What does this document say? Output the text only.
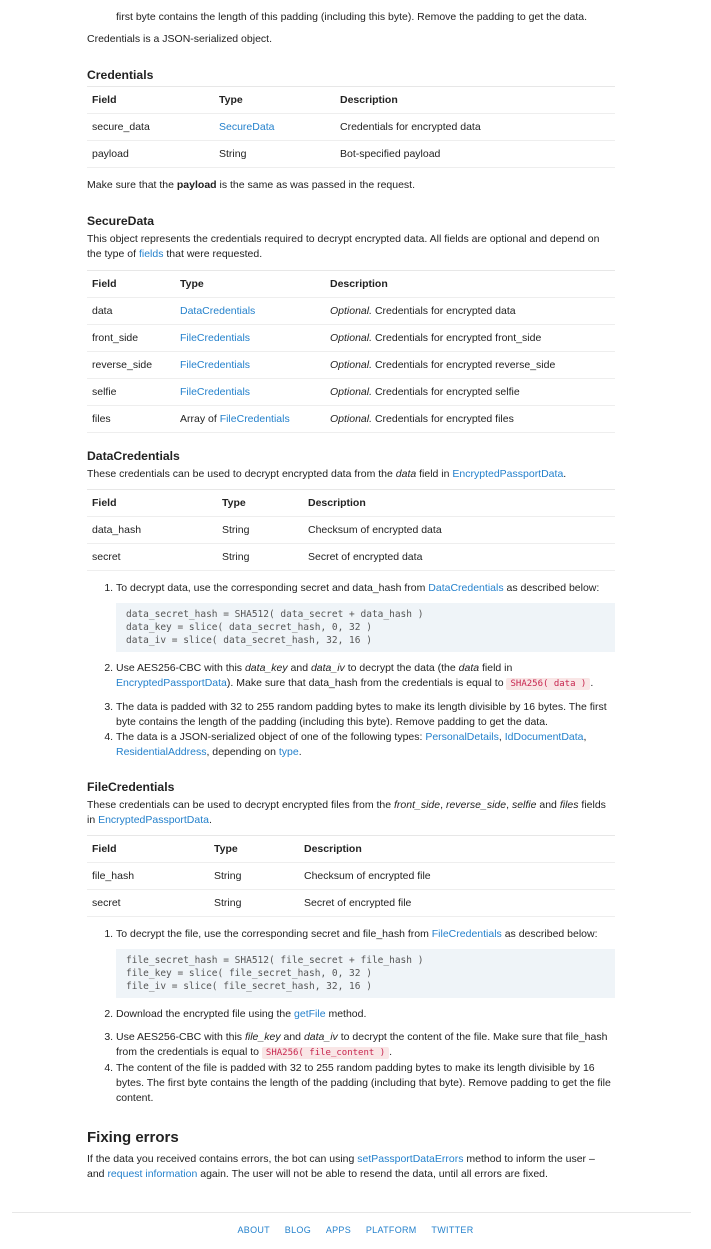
first byte contains the length of this padding (including this byte). Remove the padding to get the data.

Credentials is a JSON-serialized object.

Credentials
Field	Type	Description
secure_data	SecureData	Credentials for encrypted data
payload	String	Bot-specified payload

Make sure that the payload is the same as was passed in the request.

SecureData

This object represents the credentials required to decrypt encrypted data. All fields are optional and depend on the type of fields that were requested.

Field	Type	Description
data	DataCredentials	Optional. Credentials for encrypted data
front_side	FileCredentials	Optional. Credentials for encrypted front_side
reverse_side	FileCredentials	Optional. Credentials for encrypted reverse_side
selfie	FileCredentials	Optional. Credentials for encrypted selfie
files	Array of FileCredentials	Optional. Credentials for encrypted files
DataCredentials

These credentials can be used to decrypt encrypted data from the data field in EncryptedPassportData.

Field	Type	Description
data_hash	String	Checksum of encrypted data
secret	String	Secret of encrypted data
1. To decrypt data, use the corresponding secret and data_hash from DataCredentials as described below:
data_secret_hash = SHA512( data_secret + data_hash )
data_key = slice( data_secret_hash, 0, 32 )
data_iv = slice( data_secret_hash, 32, 16 )
2. Use AES256-CBC with this data_key and data_iv to decrypt the data (the data field in EncryptedPassportData). Make sure that data_hash from the credentials is equal to SHA256( data ) .
3. The data is padded with 32 to 255 random padding bytes to make its length divisible by 16 bytes. The first byte contains the length of the padding (including this byte). Remove padding to get the data.
4. The data is a JSON-serialized object of one of the following types: PersonalDetails, IdDocumentData, ResidentialAddress, depending on type.
FileCredentials

These credentials can be used to decrypt encrypted files from the front_side, reverse_side, selfie and files fields in EncryptedPassportData.

Field	Type	Description
file_hash	String	Checksum of encrypted file
secret	String	Secret of encrypted file
1. To decrypt the file, use the corresponding secret and file_hash from FileCredentials as described below:
file_secret_hash = SHA512( file_secret + file_hash )
file_key = slice( file_secret_hash, 0, 32 )
file_iv = slice( file_secret_hash, 32, 16 )
2. Download the encrypted file using the getFile method.
3. Use AES256-CBC with this file_key and data_iv to decrypt the content of the file. Make sure that file_hash from the credentials is equal to SHA256( file_content ) .
4. The content of the file is padded with 32 to 255 random padding bytes to make its length divisible by 16 bytes. The first byte contains the length of the padding (including that byte). Remove padding to get the file content.
Fixing errors

If the data you received contains errors, the bot can using setPassportDataErrors method to inform the user – and request information again. The user will not be able to resend the data, until all errors are fixed.

ABOUT BLOG APPS PLATFORM TWITTER
